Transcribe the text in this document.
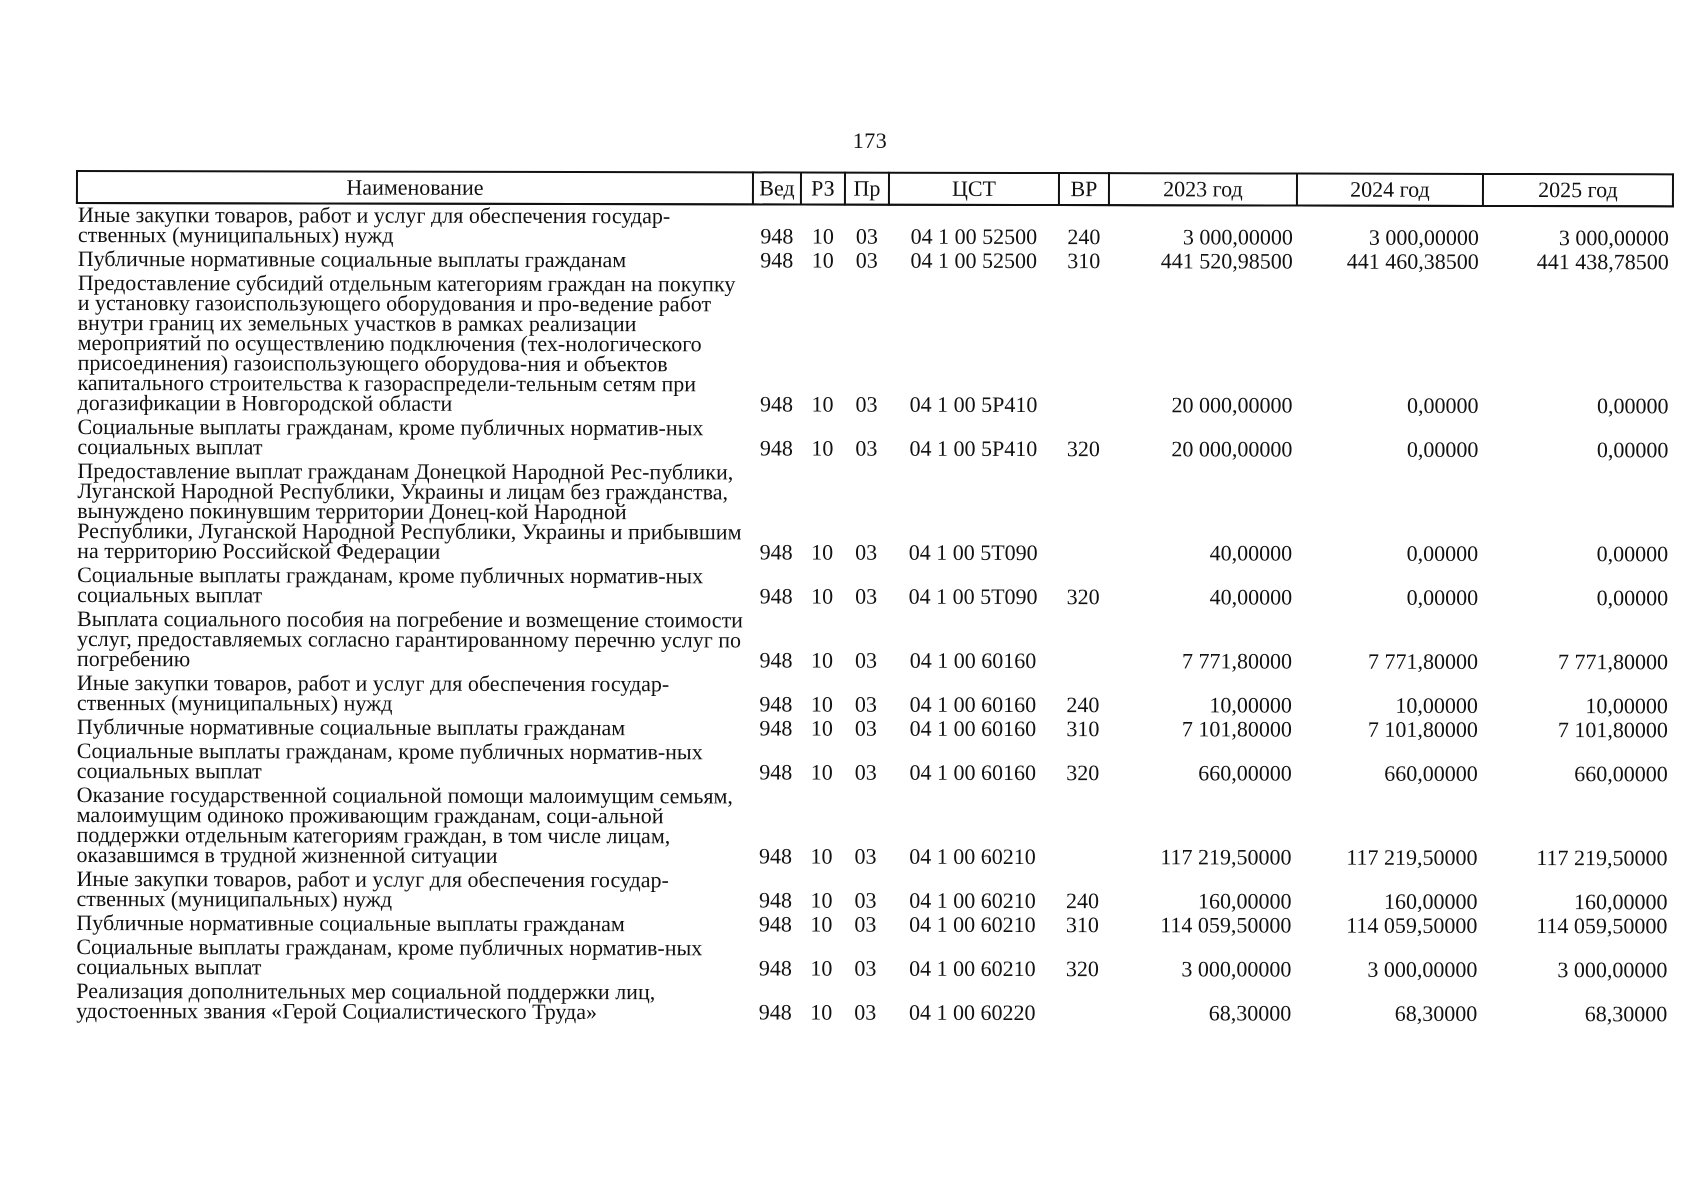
173
Наименование	Вед	РЗ	Пр	ЦСТ	ВР	2023 год	2024 год	2025 год
Иные закупки товаров, работ и услуг для обеспечения государ-ственных (муниципальных) нужд	948	10	03	04 1 00 52500	240	3 000,00000	3 000,00000	3 000,00000
Публичные нормативные социальные выплаты гражданам	948	10	03	04 1 00 52500	310	441 520,98500	441 460,38500	441 438,78500
Предоставление субсидий отдельным категориям граждан на покупку и установку газоиспользующего оборудования и про-ведение работ внутри границ их земельных участков в рамках реализации мероприятий по осуществлению подключения (тех-нологического присоединения) газоиспользующего оборудова-ния и объектов капитального строительства к газораспредели-тельным сетям при догазификации в Новгородской области	948	10	03	04 1 00 5Р410		20 000,00000	0,00000	0,00000
Социальные выплаты гражданам, кроме публичных норматив-ных социальных выплат	948	10	03	04 1 00 5Р410	320	20 000,00000	0,00000	0,00000
Предоставление выплат гражданам Донецкой Народной Рес-публики, Луганской Народной Республики, Украины и лицам без гражданства, вынуждено покинувшим территории Донец-кой Народной Республики, Луганской Народной Республики, Украины и прибывшим на территорию Российской Федерации	948	10	03	04 1 00 5Т090		40,00000	0,00000	0,00000
Социальные выплаты гражданам, кроме публичных норматив-ных социальных выплат	948	10	03	04 1 00 5Т090	320	40,00000	0,00000	0,00000
Выплата социального пособия на погребение и возмещение стоимости услуг, предоставляемых согласно гарантированному перечню услуг по погребению	948	10	03	04 1 00 60160		7 771,80000	7 771,80000	7 771,80000
Иные закупки товаров, работ и услуг для обеспечения государ-ственных (муниципальных) нужд	948	10	03	04 1 00 60160	240	10,00000	10,00000	10,00000
Публичные нормативные социальные выплаты гражданам	948	10	03	04 1 00 60160	310	7 101,80000	7 101,80000	7 101,80000
Социальные выплаты гражданам, кроме публичных норматив-ных социальных выплат	948	10	03	04 1 00 60160	320	660,00000	660,00000	660,00000
Оказание государственной социальной помощи малоимущим семьям, малоимущим одиноко проживающим гражданам, соци-альной поддержки отдельным категориям граждан, в том числе лицам, оказавшимся в трудной жизненной ситуации	948	10	03	04 1 00 60210		117 219,50000	117 219,50000	117 219,50000
Иные закупки товаров, работ и услуг для обеспечения государ-ственных (муниципальных) нужд	948	10	03	04 1 00 60210	240	160,00000	160,00000	160,00000
Публичные нормативные социальные выплаты гражданам	948	10	03	04 1 00 60210	310	114 059,50000	114 059,50000	114 059,50000
Социальные выплаты гражданам, кроме публичных норматив-ных социальных выплат	948	10	03	04 1 00 60210	320	3 000,00000	3 000,00000	3 000,00000
Реализация дополнительных мер социальной поддержки лиц, удостоенных звания «Герой Социалистического Труда»	948	10	03	04 1 00 60220		68,30000	68,30000	68,30000
